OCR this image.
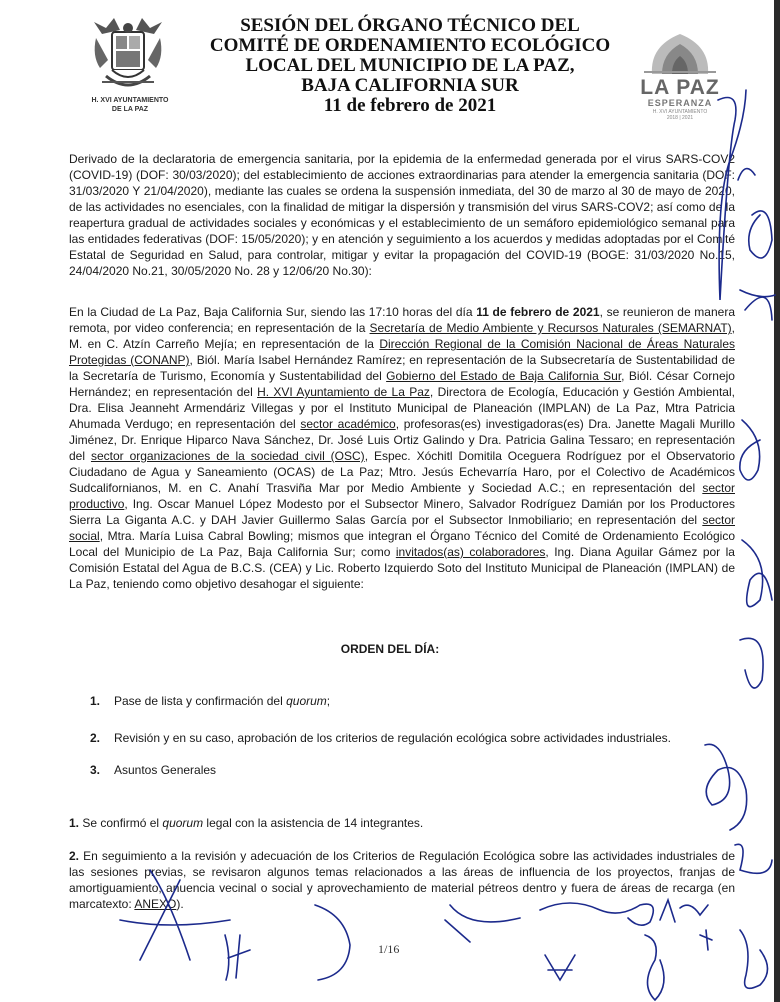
H. XVI AYUNTAMIENTO
DE LA PAZ
SESIÓN DEL ÓRGANO TÉCNICO DEL
COMITÉ DE ORDENAMIENTO ECOLÓGICO
LOCAL DEL MUNICIPIO DE LA PAZ,
BAJA CALIFORNIA SUR
11 de febrero de 2021
LA PAZ
ESPERANZA
H. XVI AYUNTAMIENTO
2018 | 2021
Derivado de la declaratoria de emergencia sanitaria, por la epidemia de la enfermedad generada por el virus SARS-COV2 (COVID-19) (DOF: 30/03/2020); del establecimiento de acciones extraordinarias para atender la emergencia sanitaria (DOF: 31/03/2020 Y 21/04/2020), mediante las cuales se ordena la suspensión inmediata, del 30 de marzo al 30 de mayo de 2020, de las actividades no esenciales, con la finalidad de mitigar la dispersión y transmisión del virus SARS-COV2; así como de la reapertura gradual de actividades sociales y económicas y el establecimiento de un semáforo epidemiológico semanal para las entidades federativas (DOF: 15/05/2020); y en atención y seguimiento a los acuerdos y medidas adoptadas por el Comité Estatal de Seguridad en Salud, para controlar, mitigar y evitar la propagación del COVID-19 (BOGE: 31/03/2020 No.15, 24/04/2020 No.21, 30/05/2020 No. 28 y 12/06/20 No.30):
En la Ciudad de La Paz, Baja California Sur, siendo las 17:10 horas del día 11 de febrero de 2021, se reunieron de manera remota, por video conferencia; en representación de la Secretaría de Medio Ambiente y Recursos Naturales (SEMARNAT), M. en C. Atzín Carreño Mejía; en representación de la Dirección Regional de la Comisión Nacional de Áreas Naturales Protegidas (CONANP), Biól. María Isabel Hernández Ramírez; en representación de la Subsecretaría de Sustentabilidad de la Secretaría de Turismo, Economía y Sustentabilidad del Gobierno del Estado de Baja California Sur, Biól. César Cornejo Hernández; en representación del H. XVI Ayuntamiento de La Paz, Directora de Ecología, Educación y Gestión Ambiental, Dra. Elisa Jeanneht Armendáriz Villegas y por el Instituto Municipal de Planeación (IMPLAN) de La Paz, Mtra Patricia Ahumada Verdugo; en representación del sector académico, profesoras(es) investigadoras(es) Dra. Janette Magali Murillo Jiménez, Dr. Enrique Hiparco Nava Sánchez, Dr. José Luis Ortiz Galindo y Dra. Patricia Galina Tessaro; en representación del sector organizaciones de la sociedad civil (OSC), Espec. Xóchitl Domitila Oceguera Rodríguez por el Observatorio Ciudadano de Agua y Saneamiento (OCAS) de La Paz; Mtro. Jesús Echevarría Haro, por el Colectivo de Académicos Sudcalifornianos, M. en C. Anahí Trasviña Mar por Medio Ambiente y Sociedad A.C.; en representación del sector productivo, Ing. Oscar Manuel López Modesto por el Subsector Minero, Salvador Rodríguez Damián por los Productores Sierra La Giganta A.C. y DAH Javier Guillermo Salas García por el Subsector Inmobiliario; en representación del sector social, Mtra. María Luisa Cabral Bowling; mismos que integran el Órgano Técnico del Comité de Ordenamiento Ecológico Local del Municipio de La Paz, Baja California Sur; como invitados(as) colaboradores, Ing. Diana Aguilar Gámez por la Comisión Estatal del Agua de B.C.S. (CEA) y Lic. Roberto Izquierdo Soto del Instituto Municipal de Planeación (IMPLAN) de La Paz, teniendo como objetivo desahogar el siguiente:
ORDEN DEL DÍA:
1. Pase de lista y confirmación del quorum;
2. Revisión y en su caso, aprobación de los criterios de regulación ecológica sobre actividades industriales.
3. Asuntos Generales
1. Se confirmó el quorum legal con la asistencia de 14 integrantes.
2. En seguimiento a la revisión y adecuación de los Criterios de Regulación Ecológica sobre las actividades industriales de las sesiones previas, se revisaron algunos temas relacionados a las áreas de influencia de los proyectos, franjas de amortiguamiento, anuencia vecinal o social y aprovechamiento de material pétreos dentro y fuera de áreas de recarga (en marcatexto: ANEXO).
1/16
